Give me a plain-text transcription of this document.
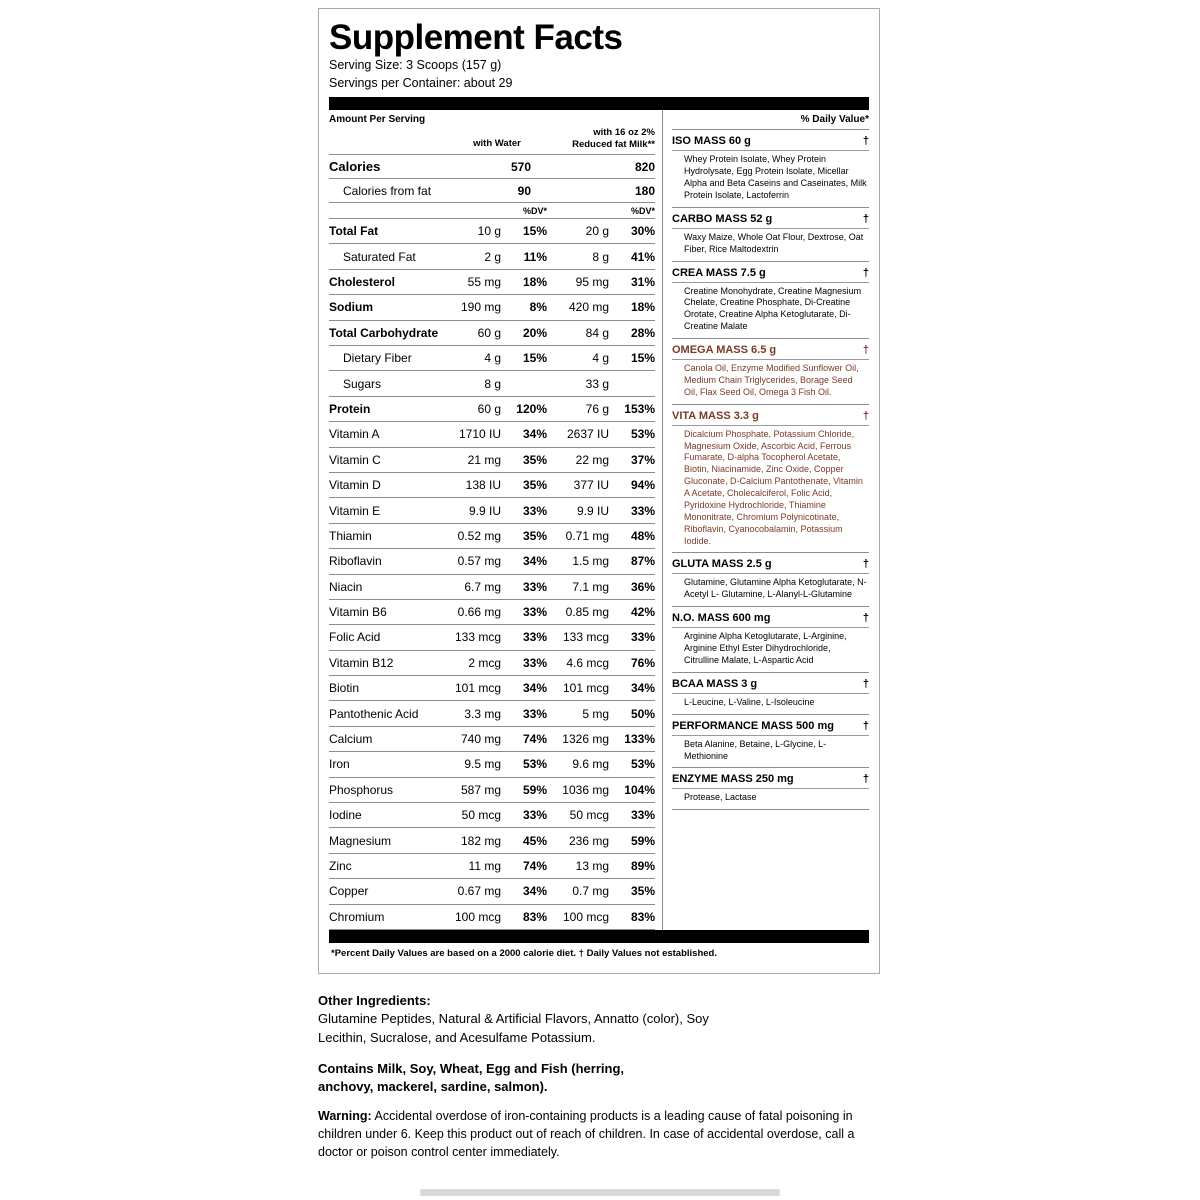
Supplement Facts
Serving Size: 3 Scoops (157 g)
Servings per Container: about 29
Amount Per Serving
with Water
with 16 oz 2%
Reduced fat Milk**
Calories	570	820
Calories from fat	90	180
%DV*	%DV*
Total Fat	10 g	15%	20 g	30%
Saturated Fat	2 g	11%	8 g	41%
Cholesterol	55 mg	18%	95 mg	31%
Sodium	190 mg	8%	420 mg	18%
Total Carbohydrate	60 g	20%	84 g	28%
Dietary Fiber	4 g	15%	4 g	15%
Sugars	8 g	33 g
Protein	60 g	120%	76 g	153%
Vitamin A	1710 IU	34%	2637 IU	53%
Vitamin C	21 mg	35%	22 mg	37%
Vitamin D	138 IU	35%	377 IU	94%
Vitamin E	9.9 IU	33%	9.9 IU	33%
Thiamin	0.52 mg	35%	0.71 mg	48%
Riboflavin	0.57 mg	34%	1.5 mg	87%
Niacin	6.7 mg	33%	7.1 mg	36%
Vitamin B6	0.66 mg	33%	0.85 mg	42%
Folic Acid	133 mcg	33%	133 mcg	33%
Vitamin B12	2 mcg	33%	4.6 mcg	76%
Biotin	101 mcg	34%	101 mcg	34%
Pantothenic Acid	3.3 mg	33%	5 mg	50%
Calcium	740 mg	74%	1326 mg	133%
Iron	9.5 mg	53%	9.6 mg	53%
Phosphorus	587 mg	59%	1036 mg	104%
Iodine	50 mcg	33%	50 mcg	33%
Magnesium	182 mg	45%	236 mg	59%
Zinc	11 mg	74%	13 mg	89%
Copper	0.67 mg	34%	0.7 mg	35%
Chromium	100 mcg	83%	100 mcg	83%
% Daily Value*
ISO MASS 60 g	†
Whey Protein Isolate, Whey Protein Hydrolysate, Egg Protein Isolate, Micellar Alpha and Beta Caseins and Caseinates, Milk Protein Isolate, Lactoferrin
CARBO MASS 52 g	†
Waxy Maize, Whole Oat Flour, Dextrose, Oat Fiber, Rice Maltodextrin
CREA MASS 7.5 g	†
Creatine Monohydrate, Creatine Magnesium Chelate, Creatine Phosphate, Di-Creatine Orotate, Creatine Alpha Ketoglutarate, Di-Creatine Malate
OMEGA MASS 6.5 g	†
Canola Oil, Enzyme Modified Sunflower Oil, Medium Chain Triglycerides, Borage Seed Oil, Flax Seed Oil, Omega 3 Fish Oil.
VITA MASS 3.3 g	†
Dicalcium Phosphate, Potassium Chloride, Magnesium Oxide, Ascorbic Acid, Ferrous Fumarate, D-alpha Tocopherol Acetate, Biotin, Niacinamide, Zinc Oxide, Copper Gluconate, D-Calcium Pantothenate, Vitamin A Acetate, Cholecalciferol, Folic Acid, Pyridoxine Hydrochloride, Thiamine Mononitrate, Chromium Polynicotinate, Riboflavin, Cyanocobalamin, Potassium Iodide.
GLUTA MASS 2.5 g	†
Glutamine, Glutamine Alpha Ketoglutarate, N-Acetyl L- Glutamine, L-Alanyl-L-Glutamine
N.O. MASS 600 mg	†
Arginine Alpha Ketoglutarate, L-Arginine, Arginine Ethyl Ester Dihydrochloride, Citrulline Malate, L-Aspartic Acid
BCAA MASS 3 g	†
L-Leucine, L-Valine, L-Isoleucine
PERFORMANCE MASS 500 mg	†
Beta Alanine, Betaine, L-Glycine, L-Methionine
ENZYME MASS 250 mg	†
Protease, Lactase
*Percent Daily Values are based on a 2000 calorie diet. † Daily Values not established.
Other Ingredients:
Glutamine Peptides, Natural & Artificial Flavors, Annatto (color), Soy Lecithin, Sucralose, and Acesulfame Potassium.
Contains Milk, Soy, Wheat, Egg and Fish (herring, anchovy, mackerel, sardine, salmon).
Warning: Accidental overdose of iron-containing products is a leading cause of fatal poisoning in children under 6. Keep this product out of reach of children. In case of accidental overdose, call a doctor or poison control center immediately.
